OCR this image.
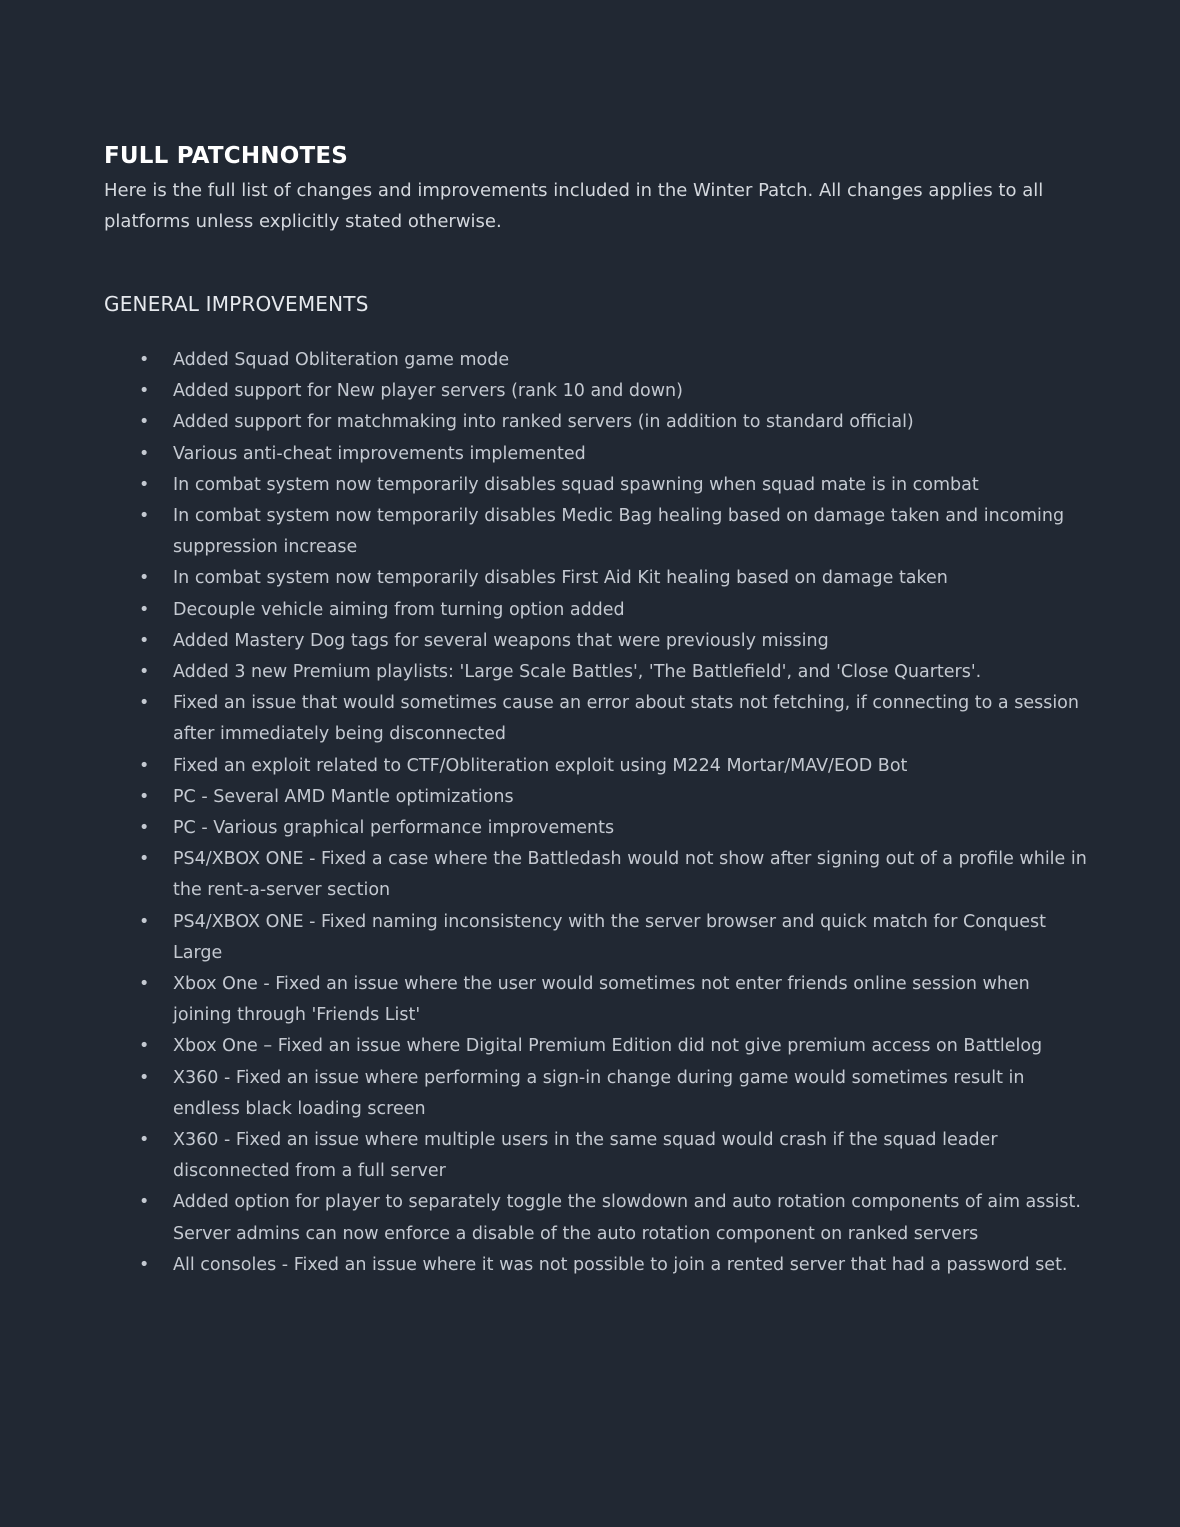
FULL PATCHNOTES

Here is the full list of changes and improvements included in the Winter Patch. All changes applies to all platforms unless explicitly stated otherwise.

GENERAL IMPROVEMENTS
• Added Squad Obliteration game mode
• Added support for New player servers (rank 10 and down)
• Added support for matchmaking into ranked servers (in addition to standard official)
• Various anti-cheat improvements implemented
• In combat system now temporarily disables squad spawning when squad mate is in combat
• In combat system now temporarily disables Medic Bag healing based on damage taken and incoming suppression increase
• In combat system now temporarily disables First Aid Kit healing based on damage taken
• Decouple vehicle aiming from turning option added
• Added Mastery Dog tags for several weapons that were previously missing
• Added 3 new Premium playlists: 'Large Scale Battles', 'The Battlefield', and 'Close Quarters'.
• Fixed an issue that would sometimes cause an error about stats not fetching, if connecting to a session after immediately being disconnected
• Fixed an exploit related to CTF/Obliteration exploit using M224 Mortar/MAV/EOD Bot
• PC - Several AMD Mantle optimizations
• PC - Various graphical performance improvements
• PS4/XBOX ONE - Fixed a case where the Battledash would not show after signing out of a profile while in the rent-a-server section
• PS4/XBOX ONE - Fixed naming inconsistency with the server browser and quick match for Conquest Large
• Xbox One - Fixed an issue where the user would sometimes not enter friends online session when joining through 'Friends List'
• Xbox One – Fixed an issue where Digital Premium Edition did not give premium access on Battlelog
• X360 - Fixed an issue where performing a sign-in change during game would sometimes result in endless black loading screen
• X360 - Fixed an issue where multiple users in the same squad would crash if the squad leader disconnected from a full server
• Added option for player to separately toggle the slowdown and auto rotation components of aim assist. Server admins can now enforce a disable of the auto rotation component on ranked servers
• All consoles - Fixed an issue where it was not possible to join a rented server that had a password set.
